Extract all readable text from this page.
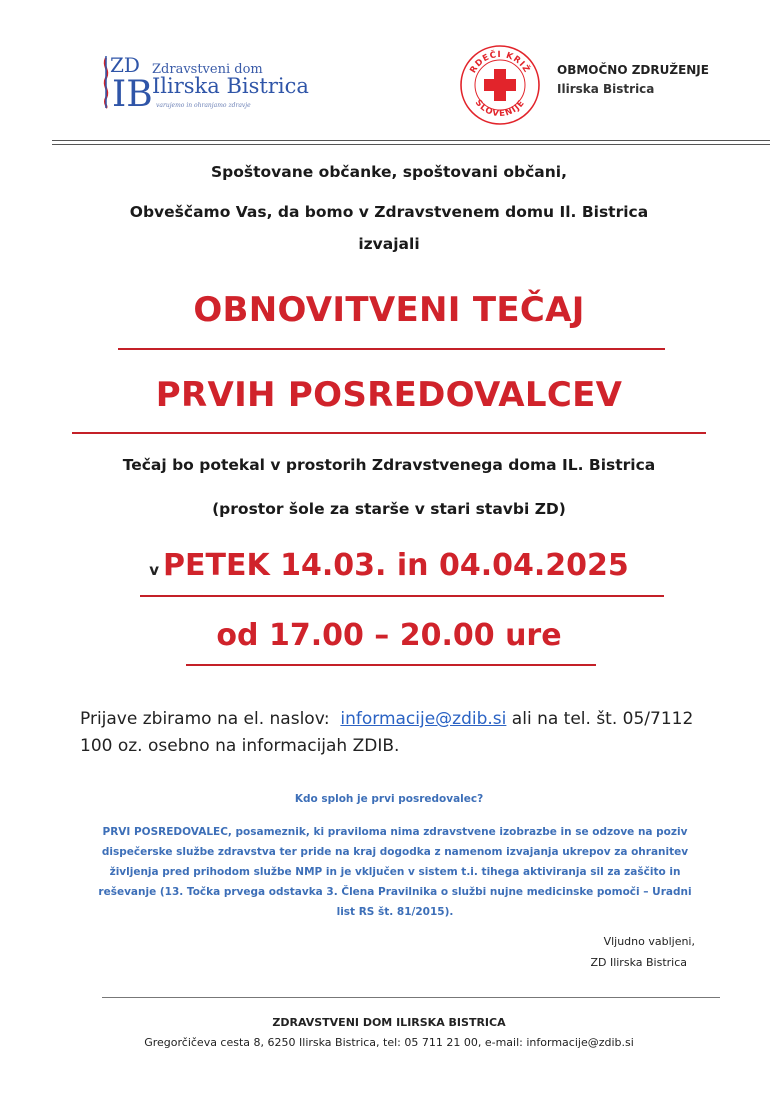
ZD
IB
Zdravstveni dom
Ilirska Bistrica
varujemo in ohranjamo zdravje
RDEČI KRIŽ
SLOVENIJE
OBMOČNO ZDRUŽENJE
Ilirska Bistrica
Spoštovane občanke, spoštovani občani,
Obveščamo Vas, da bomo v Zdravstvenem domu Il. Bistrica
izvajali
OBNOVITVENI TEČAJ
PRVIH POSREDOVALCEV
Tečaj bo potekal v prostorih Zdravstvenega doma IL. Bistrica
(prostor šole za starše v stari stavbi ZD)
v PETEK 14.03. in 04.04.2025
od 17.00 – 20.00 ure
Prijave zbiramo na el. naslov: informacije@zdib.si ali na tel. št. 05/7112 100 oz. osebno na informacijah ZDIB.
Kdo sploh je prvi posredovalec?
PRVI POSREDOVALEC, posameznik, ki praviloma nima zdravstvene izobrazbe in se odzove na poziv dispečerske službe zdravstva ter pride na kraj dogodka z namenom izvajanja ukrepov za ohranitev življenja pred prihodom službe NMP in je vključen v sistem t.i. tihega aktiviranja sil za zaščito in reševanje (13. Točka prvega odstavka 3. Člena Pravilnika o službi nujne medicinske pomoči – Uradni list RS št. 81/2015).
Vljudno vabljeni,
ZD Ilirska Bistrica
ZDRAVSTVENI DOM ILIRSKA BISTRICA
Gregorčičeva cesta 8, 6250 Ilirska Bistrica, tel: 05 711 21 00, e-mail: informacije@zdib.si
